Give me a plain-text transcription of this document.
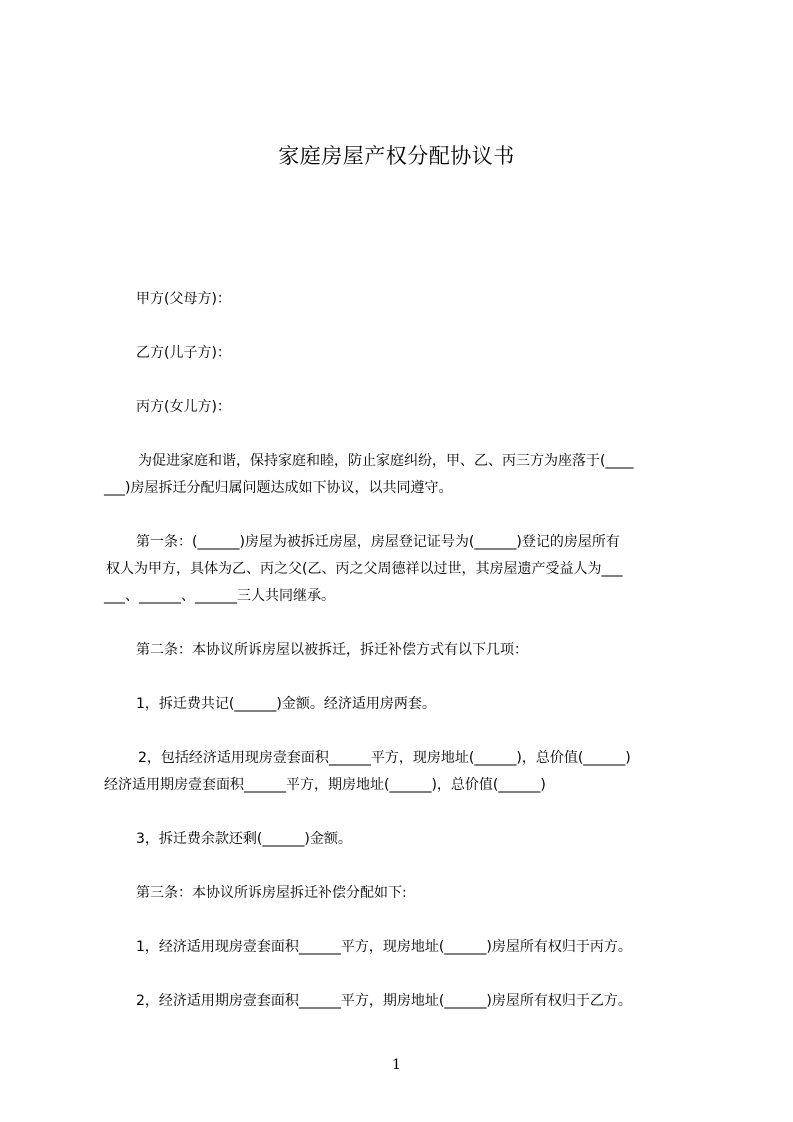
家庭房屋产权分配协议书

甲方(父母方)：

乙方(儿子方)：

丙方(女儿方)：

为促进家庭和谐，保持家庭和睦，防止家庭纠纷，甲、乙、丙三方为座落于(____

___)房屋拆迁分配归属问题达成如下协议，以共同遵守。

第一条：(______)房屋为被拆迁房屋，房屋登记证号为(______)登记的房屋所有

权人为甲方，具体为乙、丙之父(乙、丙之父周德祥以过世，其房屋遗产受益人为___

___、______、______三人共同继承。

第二条：本协议所诉房屋以被拆迁，拆迁补偿方式有以下几项：

1，拆迁费共记(______)金额。经济适用房两套。

2，包括经济适用现房壹套面积______平方，现房地址(______)，总价值(______)

经济适用期房壹套面积______平方，期房地址(______)，总价值(______)

3，拆迁费余款还剩(______)金额。

第三条：本协议所诉房屋拆迁补偿分配如下:

1，经济适用现房壹套面积______平方，现房地址(______)房屋所有权归于丙方。

2，经济适用期房壹套面积______平方，期房地址(______)房屋所有权归于乙方。

1
